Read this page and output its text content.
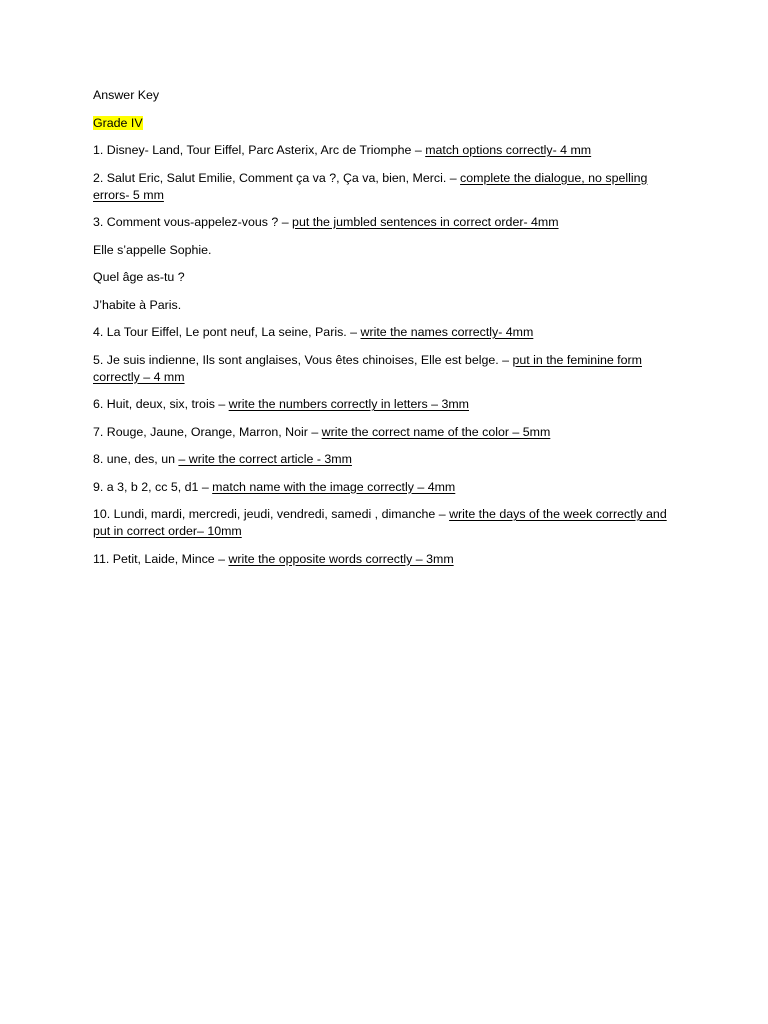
Answer Key

Grade IV

1. Disney- Land, Tour Eiffel, Parc Asterix, Arc de Triomphe – match options correctly- 4 mm

2. Salut Eric, Salut Emilie, Comment ça va ?, Ça va, bien, Merci. – complete the dialogue, no spelling errors- 5 mm

3. Comment vous-appelez-vous ? – put the jumbled sentences in correct order- 4mm

Elle s’appelle Sophie.

Quel âge as-tu ?

J’habite à Paris.

4. La Tour Eiffel, Le pont neuf, La seine, Paris. – write the names correctly- 4mm

5. Je suis indienne, Ils sont anglaises, Vous êtes chinoises, Elle est belge. – put in the feminine form correctly – 4 mm

6. Huit, deux, six, trois – write the numbers correctly in letters – 3mm

7. Rouge, Jaune, Orange, Marron, Noir – write the correct name of the color – 5mm

8. une, des, un – write the correct article - 3mm

9. a 3, b 2, cc 5, d1 – match name with the image correctly – 4mm

10. Lundi, mardi, mercredi, jeudi, vendredi, samedi , dimanche – write the days of the week correctly and put in correct order– 10mm

11. Petit, Laide, Mince – write the opposite words correctly – 3mm
